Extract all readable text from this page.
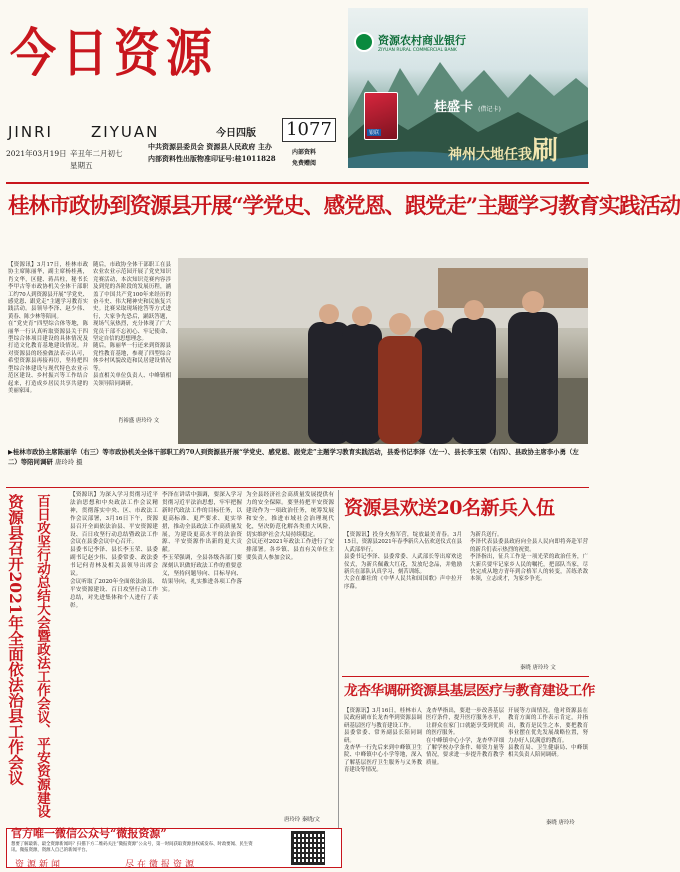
今日资源
JINRI	ZIYUAN	今日四版
2021年03月19日 辛丑年二月初七
星期五
1077
中共资源县委员会 资源县人民政府 主办
内部资料性出版物准印证号:桂1011828
内部资料
免费赠阅
资源农村商业银行
ZIYUAN RURAL COMMERCIAL BANK
银联
桂盛卡 (借记卡)
神州大地任我刷
桂林市政协到资源县开展“学党史、感党恩、跟党走”主题学习教育实践活动
【资源讯】3月17日，桂林市政协主席陈丽华，副主席杨桂燕，肖文华，区健、蒋昌柱，秘书长李甲古等市政协机关全体干部职工约70人到资源县开展“学党史、感党恩、跟党走”主题学习教育实践活动。县领导李泽、赵少伟、黄春、陈少林等陪同。
在“党史育”四型综合体等地，陈丽华一行认真听取资源县关于四型综合体项目建设的具体情况及打造文化教育基地建设情况。并对资源县的经验做法表示认可，希望资源县再接再厉，坚持把四型综合体建设与现代特色农业示范区建设、乡村振兴等工作结合起来，打造成乡居民共享共建的美丽家园。
随后，市政协全体干部职工在县农业农业示范园开展了党史知识竞赛活动，本次知识竞赛内容涉及到党的各阶段的发展历程，涵盖了中国共产党100年来经历的奋斗史、伟大精神史和民族复兴史。比赛采取现场抢答等方式进行，大家争先恐后，踊跃答题，现场气氛热烈，充分体现了广大党员干部不忘初心、牢记使命、坚定自信的思想理念。
随后，陈丽华一行还来到资源县党性教育基地，参观了四型综合体乡村风貌改造和民居建设情况等。
县直相关单位负责人、中峰镇相关领导陪同调研。
肖裕盛 唐玲玲 文
▶桂林市政协主席陈丽华（右三）等市政协机关全体干部职工约70人到资源县开展“学党史、感党恩、跟党走”主题学习教育实践活动，县委书记李泽（左一）、县长李玉荣（右四）、县政协主席李小勇（左二）等陪同调研 唐玲玲 摄
资源县召开2021年全面依法治县工作会议 百日攻坚行动总结大会暨政法工作会议、平安资源建设	【资源讯】为深入学习贯彻习近平法治思想和中央政法工作会议精神，贯彻落实中央、区、市政法工作会议部署，3月16日下午，资源县召开全面依法治县、平安资源建设、百日攻坚行动总结暨政法工作会议在县委会议中心召开。
县委书记李泽、县长李玉荣、县委副书记赵少伟、县委常委、政法委书记何青林及相关县领导出席会议。
会议听取了2020年全面依法治县、平安资源建设、百日攻坚行动工作总结，对先进集体和个人进行了表彰。
李泽在讲话中强调，要深入学习贯彻习近平法治思想，牢牢把握新时代政法工作的目标任务，以更高标准、更严要求、更实举措，推动全县政法工作高质量发展，为建设更高水平的法治资源、平安资源作出新的更大贡献。
李玉荣强调，全县各级各部门要深刻认识做好政法工作的重要意义，坚持问题导向、目标导向、结果导向，扎实推进各项工作落实。
为全县经济社会高质量发展提供有力的安全保障。要坚持把平安资源建设作为一项政治任务，统筹发展和安全，推进市域社会治理现代化，坚决防范化解各类重大风险，切实维护社会大局持续稳定。
会议还对2021年政法工作进行了安排部署。各乡镇、县直有关单位主要负责人参加会议。
唐玲玲 秦晓/文
资源县欢送20名新兵入伍
【资源讯】投身火热军营，绽放最美青春。3月15日，资源县2021年春季新兵入伍欢送仪式在县人武部举行。
县委书记李泽、县委常委、人武部长等出席欢送仪式，为新兵佩戴大红花，发放纪念品，并勉励新兵在部队认真学习、刻苦训练。
大会在雄壮的《中华人民共和国国歌》声中拉开序幕。
为新兵送行。
李泽代表县委县政府向全县人民向即将奔赴军营的新兵们表示热烈的祝贺。
李泽指出，征兵工作是一项光荣的政治任务，广大新兵要牢记家乡人民的嘱托，把部队当家，尽快完成从地方青年到合格军人的转变，苦练杀敌本领，立志成才，为家乡争光。
秦晓 唐玲玲 文
龙杏华调研资源县基层医疗与教育建设工作
【资源讯】3月16日，桂林市人民政府副市长龙杏华到资源县调研基层医疗与教育建设工作。
县委常委、常务副县长陪同调研。
龙杏华一行先后来到中峰镇卫生院、中峰镇中心小学等地，深入了解基层医疗卫生服务与义务教育建设等情况。
龙杏华指出，要进一步改善基层医疗条件，提升医疗服务水平，让群众在家门口就能享受到优质的医疗服务。
在中峰镇中心小学，龙杏华详细了解学校办学条件、师资力量等情况，要求进一步提升教育教学质量。
开展等方面情况。他对资源县在教育方面的工作表示肯定，并指出，教育是民生之本，要把教育事业摆在优先发展战略位置，努力办好人民满意的教育。
县教育局、卫生健康局、中峰镇相关负责人陪同调研。
秦晓 唐玲玲
官方唯一微信公众号“微报资源”
想要了解最新、最全资源新闻吗？扫描下方二维码关注“微报资源”公众号，第一时间获取资源县权威发布、时政要闻、民生资讯。微报资源，资源人自己的新闻平台。
资源新闻	尽在微报资源
